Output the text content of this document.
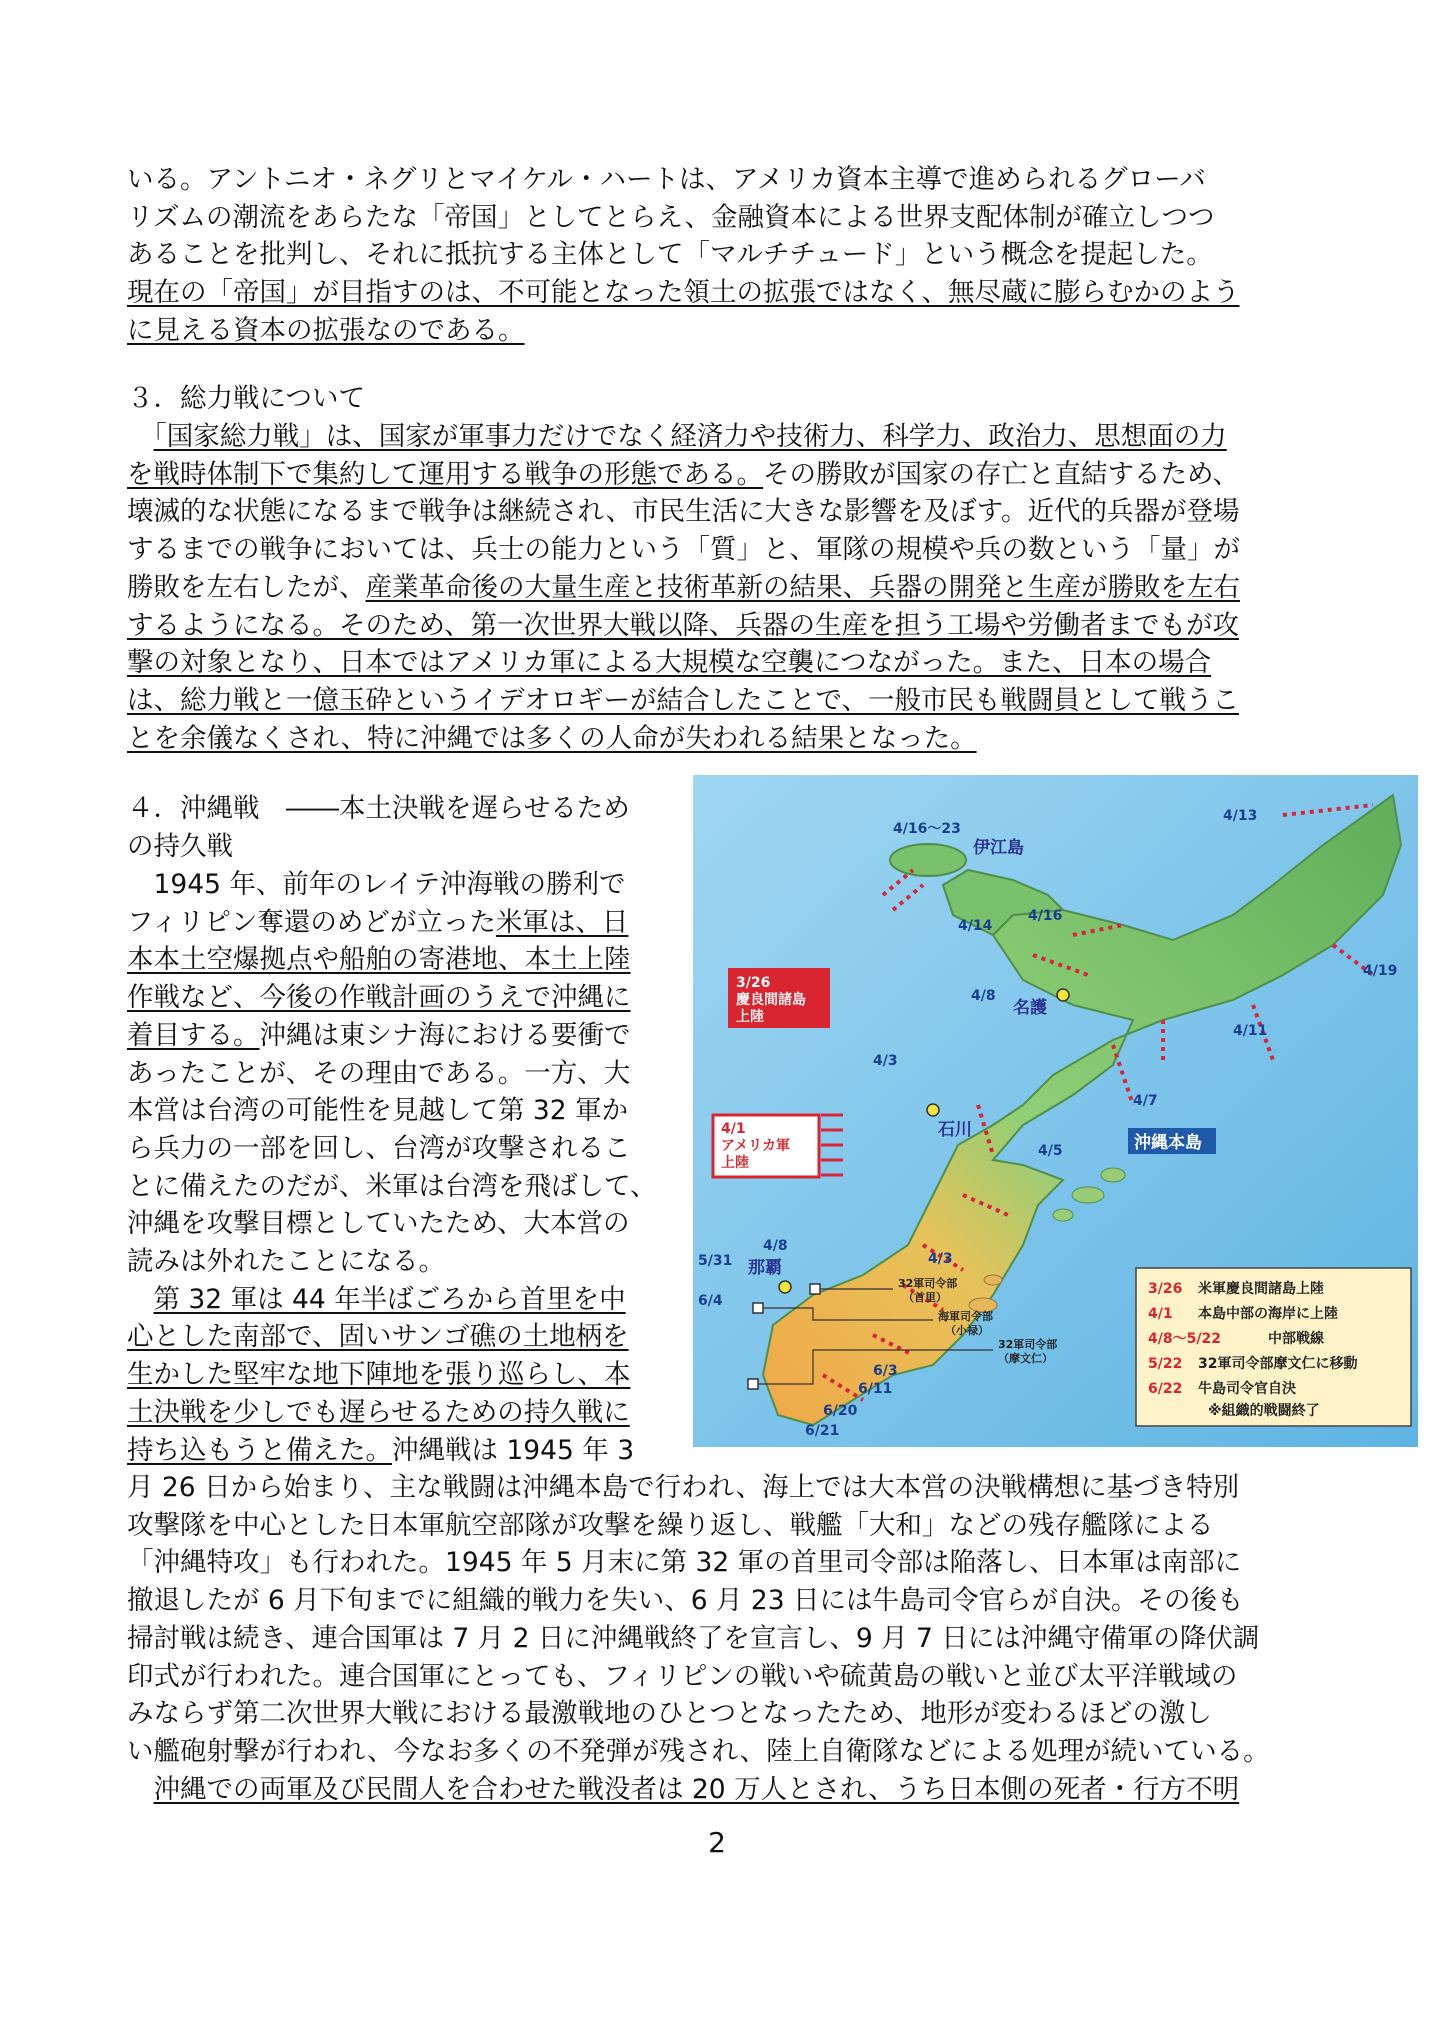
いる。アントニオ・ネグリとマイケル・ハートは、アメリカ資本主導で進められるグローバ
リズムの潮流をあらたな「帝国」としてとらえ、金融資本による世界支配体制が確立しつつ
あることを批判し、それに抵抗する主体として「マルチチュード」という概念を提起した。
現在の「帝国」が目指すのは、不可能となった領土の拡張ではなく、無尽蔵に膨らむかのよう
に見える資本の拡張なのである。
３．総力戦について
　「国家総力戦」は、国家が軍事力だけでなく経済力や技術力、科学力、政治力、思想面の力
を戦時体制下で集約して運用する戦争の形態である。その勝敗が国家の存亡と直結するため、
壊滅的な状態になるまで戦争は継続され、市民生活に大きな影響を及ぼす。近代的兵器が登場
するまでの戦争においては、兵士の能力という「質」と、軍隊の規模や兵の数という「量」が
勝敗を左右したが、産業革命後の大量生産と技術革新の結果、兵器の開発と生産が勝敗を左右
するようになる。そのため、第一次世界大戦以降、兵器の生産を担う工場や労働者までもが攻
撃の対象となり、日本ではアメリカ軍による大規模な空襲につながった。また、日本の場合
は、総力戦と一億玉砕というイデオロギーが結合したことで、一般市民も戦闘員として戦うこ
とを余儀なくされ、特に沖縄では多くの人命が失われる結果となった。
４．沖縄戦　――本土決戦を遅らせるため
の持久戦
　1945 年、前年のレイテ沖海戦の勝利で
フィリピン奪還のめどが立った米軍は、日
本本土空爆拠点や船舶の寄港地、本土上陸
作戦など、今後の作戦計画のうえで沖縄に
着目する。沖縄は東シナ海における要衝で
あったことが、その理由である。一方、大
本営は台湾の可能性を見越して第 32 軍か
ら兵力の一部を回し、台湾が攻撃されるこ
とに備えたのだが、米軍は台湾を飛ばして、
沖縄を攻撃目標としていたため、大本営の
読みは外れたことになる。
　第 32 軍は 44 年半ばごろから首里を中
心とした南部で、固いサンゴ礁の土地柄を
生かした堅牢な地下陣地を張り巡らし、本
土決戦を少しでも遅らせるための持久戦に
持ち込もうと備えた。沖縄戦は 1945 年 3
月 26 日から始まり、主な戦闘は沖縄本島で行われ、海上では大本営の決戦構想に基づき特別
攻撃隊を中心とした日本軍航空部隊が攻撃を繰り返し、戦艦「大和」などの残存艦隊による
「沖縄特攻」も行われた。1945 年 5 月末に第 32 軍の首里司令部は陥落し、日本軍は南部に
撤退したが 6 月下旬までに組織的戦力を失い、6 月 23 日には牛島司令官らが自決。その後も
掃討戦は続き、連合国軍は 7 月 2 日に沖縄戦終了を宣言し、9 月 7 日には沖縄守備軍の降伏調
印式が行われた。連合国軍にとっても、フィリピンの戦いや硫黄島の戦いと並び太平洋戦域の
みならず第二次世界大戦における最激戦地のひとつとなったため、地形が変わるほどの激し
い艦砲射撃が行われ、今なお多くの不発弾が残され、陸上自衛隊などによる処理が続いている。
　沖縄での両軍及び民間人を合わせた戦没者は 20 万人とされ、うち日本側の死者・行方不明
伊江島
名護
石川
那覇
沖縄本島
4/16～23
4/13
4/14
4/16
4/19
4/8
4/11
4/3
4/7
4/5
4/8
4/3
5/31
6/4
6/3
6/11
6/20
6/21
32軍司令部
（首里）
海軍司令部
（小禄）
32軍司令部
（摩文仁）
3/26
慶良間諸島
上陸
4/1
アメリカ軍
上陸
3/26 米軍慶良間諸島上陸
4/1 本島中部の海岸に上陸
4/8～5/22	中部戦線
5/22 32軍司令部摩文仁に移動
6/22 牛島司令官自決
※組織的戦闘終了
2
